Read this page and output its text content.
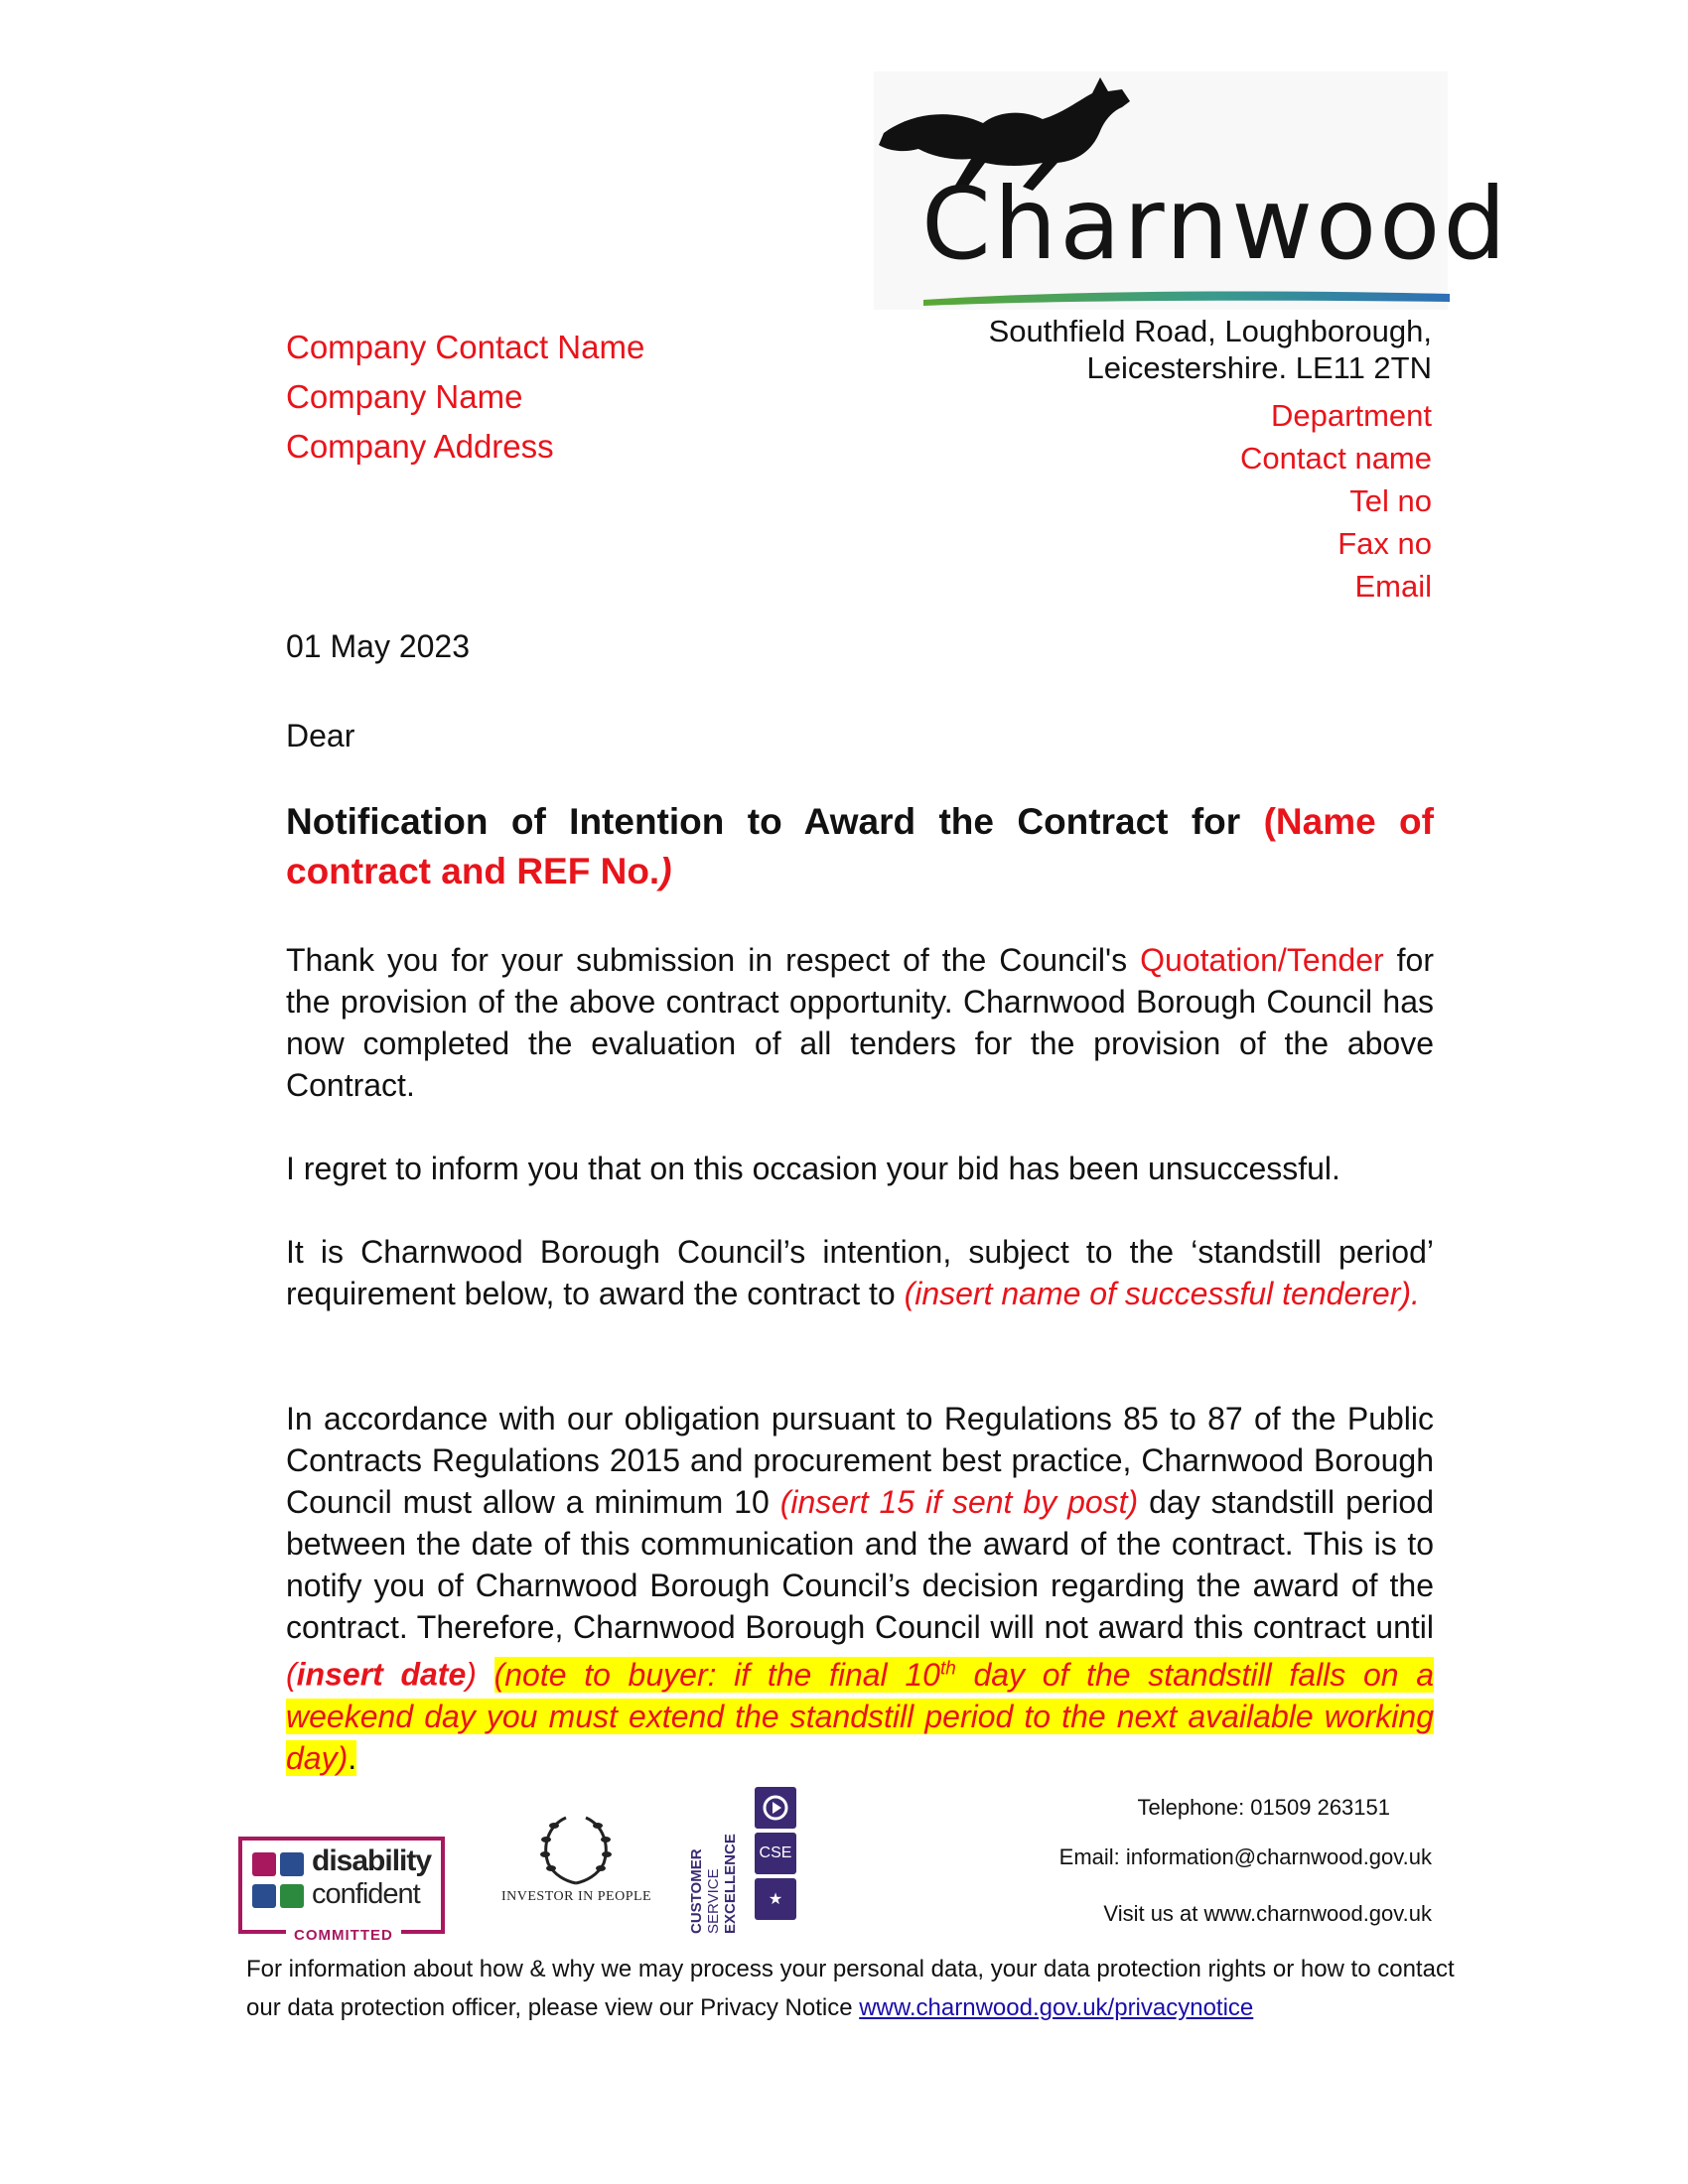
Charnwood
Southfield Road, Loughborough,
Leicestershire. LE11 2TN
Department
Contact name
Tel no
Fax no
Email
Company Contact Name
Company Name
Company Address
01 May 2023
Dear
Notification of Intention to Award the Contract for (Name of contract and REF No.)
Thank you for your submission in respect of the Council's Quotation/Tender for the provision of the above contract opportunity. Charnwood Borough Council has now completed the evaluation of all tenders for the provision of the above Contract.
I regret to inform you that on this occasion your bid has been unsuccessful.
It is Charnwood Borough Council’s intention, subject to the ‘standstill period’ requirement below, to award the contract to (insert name of successful tenderer).
In accordance with our obligation pursuant to Regulations 85 to 87 of the Public Contracts Regulations 2015 and procurement best practice, Charnwood Borough Council must allow a minimum 10 (insert 15 if sent by post) day standstill period between the date of this communication and the award of the contract. This is to notify you of Charnwood Borough Council’s decision regarding the award of the contract. Therefore, Charnwood Borough Council will not award this contract until (insert date) (note to buyer: if the final 10th day of the standstill falls on a weekend day you must extend the standstill period to the next available working day).
disability
confident
COMMITTED
INVESTOR IN PEOPLE CUSTOMER SERVICE EXCELLENCE CSE
★
Telephone: 01509 263151
Email: information@charnwood.gov.uk
Visit us at www.charnwood.gov.uk
For information about how & why we may process your personal data, your data protection rights or how to contact our data protection officer, please view our Privacy Notice www.charnwood.gov.uk/privacynotice
